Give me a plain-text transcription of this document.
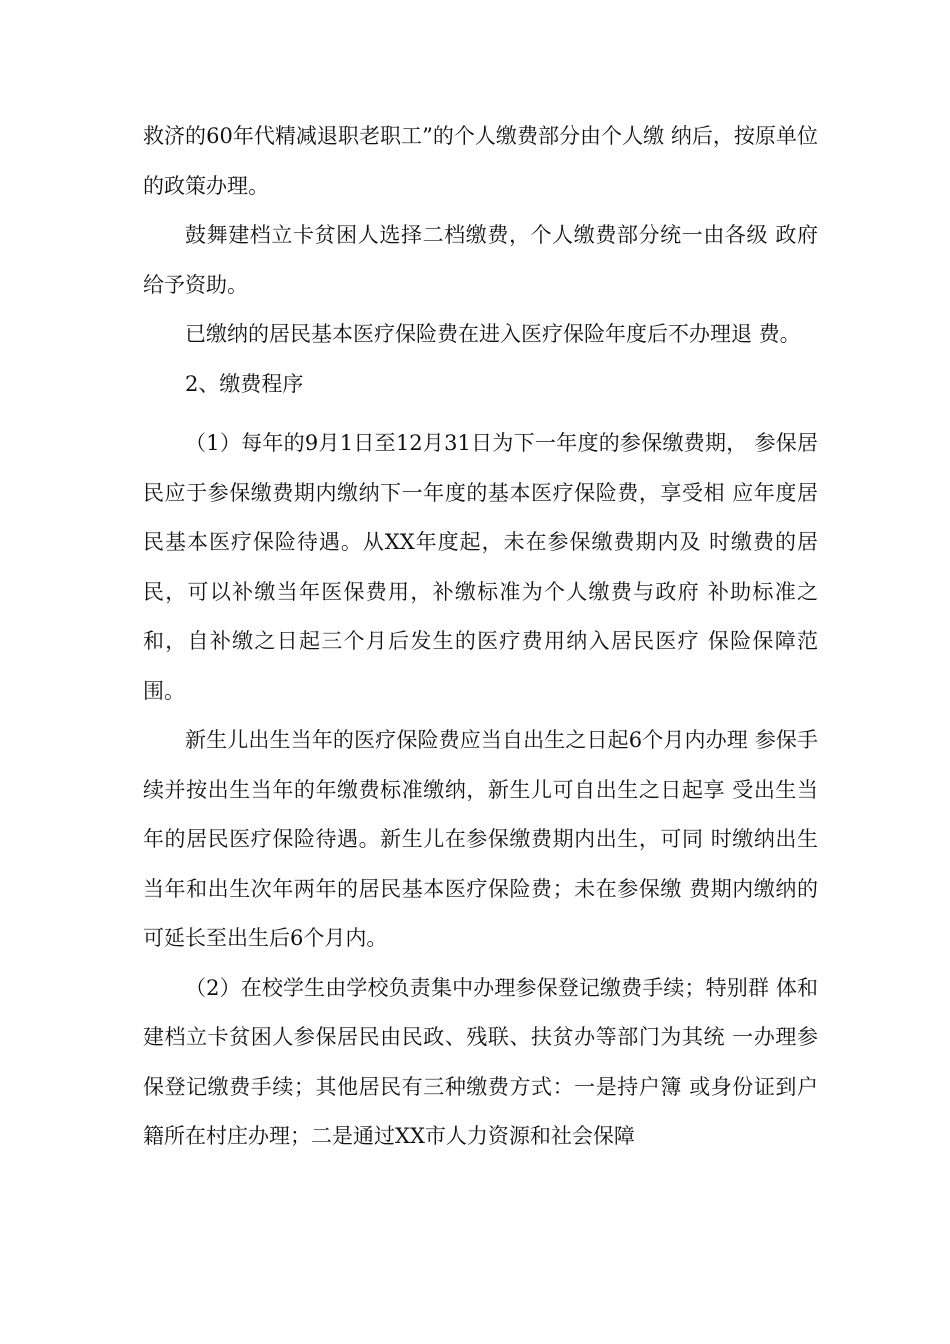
救济的60年代精减退职老职工”的个人缴费部分由个人缴 纳后，按原单位的政策办理。

鼓舞建档立卡贫困人选择二档缴费，个人缴费部分统一由各级 政府给予资助。

已缴纳的居民基本医疗保险费在进入医疗保险年度后不办理退 费。

2、缴费程序

（1）每年的9月1日至12月31日为下一年度的参保缴费期， 参保居民应于参保缴费期内缴纳下一年度的基本医疗保险费，享受相 应年度居民基本医疗保险待遇。从XX年度起，未在参保缴费期内及 时缴费的居民，可以补缴当年医保费用，补缴标准为个人缴费与政府 补助标准之和，自补缴之日起三个月后发生的医疗费用纳入居民医疗 保险保障范围。

新生儿出生当年的医疗保险费应当自出生之日起6个月内办理 参保手续并按出生当年的年缴费标准缴纳，新生儿可自出生之日起享 受出生当年的居民医疗保险待遇。新生儿在参保缴费期内出生，可同 时缴纳出生当年和出生次年两年的居民基本医疗保险费；未在参保缴 费期内缴纳的可延长至出生后6个月内。

（2）在校学生由学校负责集中办理参保登记缴费手续；特别群 体和建档立卡贫困人参保居民由民政、残联、扶贫办等部门为其统 一办理参保登记缴费手续；其他居民有三种缴费方式：一是持户簿 或身份证到户籍所在村庄办理；二是通过XX市人力资源和社会保障
